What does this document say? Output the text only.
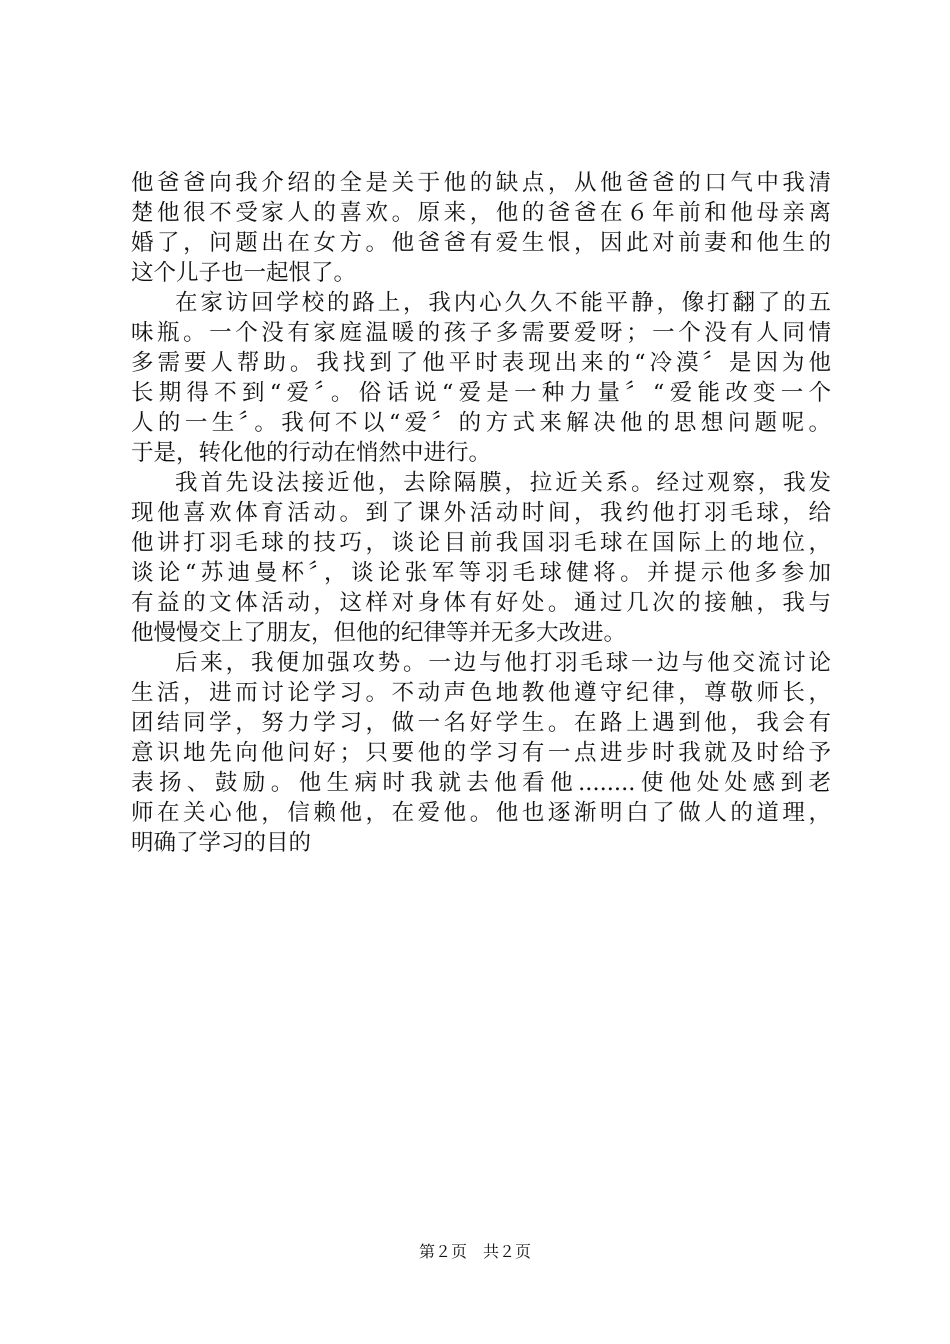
他爸爸向我介绍的全是关于他的缺点，从他爸爸的口气中我清
楚他很不受家人的喜欢。原来，他的爸爸在６年前和他母亲离
婚了，问题出在女方。他爸爸有爱生恨，因此对前妻和他生的
这个儿子也一起恨了。
在家访回学校的路上，我内心久久不能平静，像打翻了的五
味瓶。一个没有家庭温暖的孩子多需要爱呀；一个没有人同情
多需要人帮助。我找到了他平时表现出来的“冷漠〞是因为他
长期得不到“爱〞。俗话说“爱是一种力量〞“爱能改变一个
人的一生〞。我何不以“爱〞的方式来解决他的思想问题呢。
于是，转化他的行动在悄然中进行。
我首先设法接近他，去除隔膜，拉近关系。经过观察，我发
现他喜欢体育活动。到了课外活动时间，我约他打羽毛球，给
他讲打羽毛球的技巧，谈论目前我国羽毛球在国际上的地位，
谈论“苏迪曼杯〞，谈论张军等羽毛球健将。并提示他多参加
有益的文体活动，这样对身体有好处。通过几次的接触，我与
他慢慢交上了朋友，但他的纪律等并无多大改进。
后来，我便加强攻势。一边与他打羽毛球一边与他交流讨论
生活，进而讨论学习。不动声色地教他遵守纪律，尊敬师长，
团结同学，努力学习，做一名好学生。在路上遇到他，我会有
意识地先向他问好；只要他的学习有一点进步时我就及时给予
表扬、鼓励。他生病时我就去他看他........使他处处感到老
师在关心他，信赖他，在爱他。他也逐渐明白了做人的道理，
明确了学习的目的
第２页　共２页
